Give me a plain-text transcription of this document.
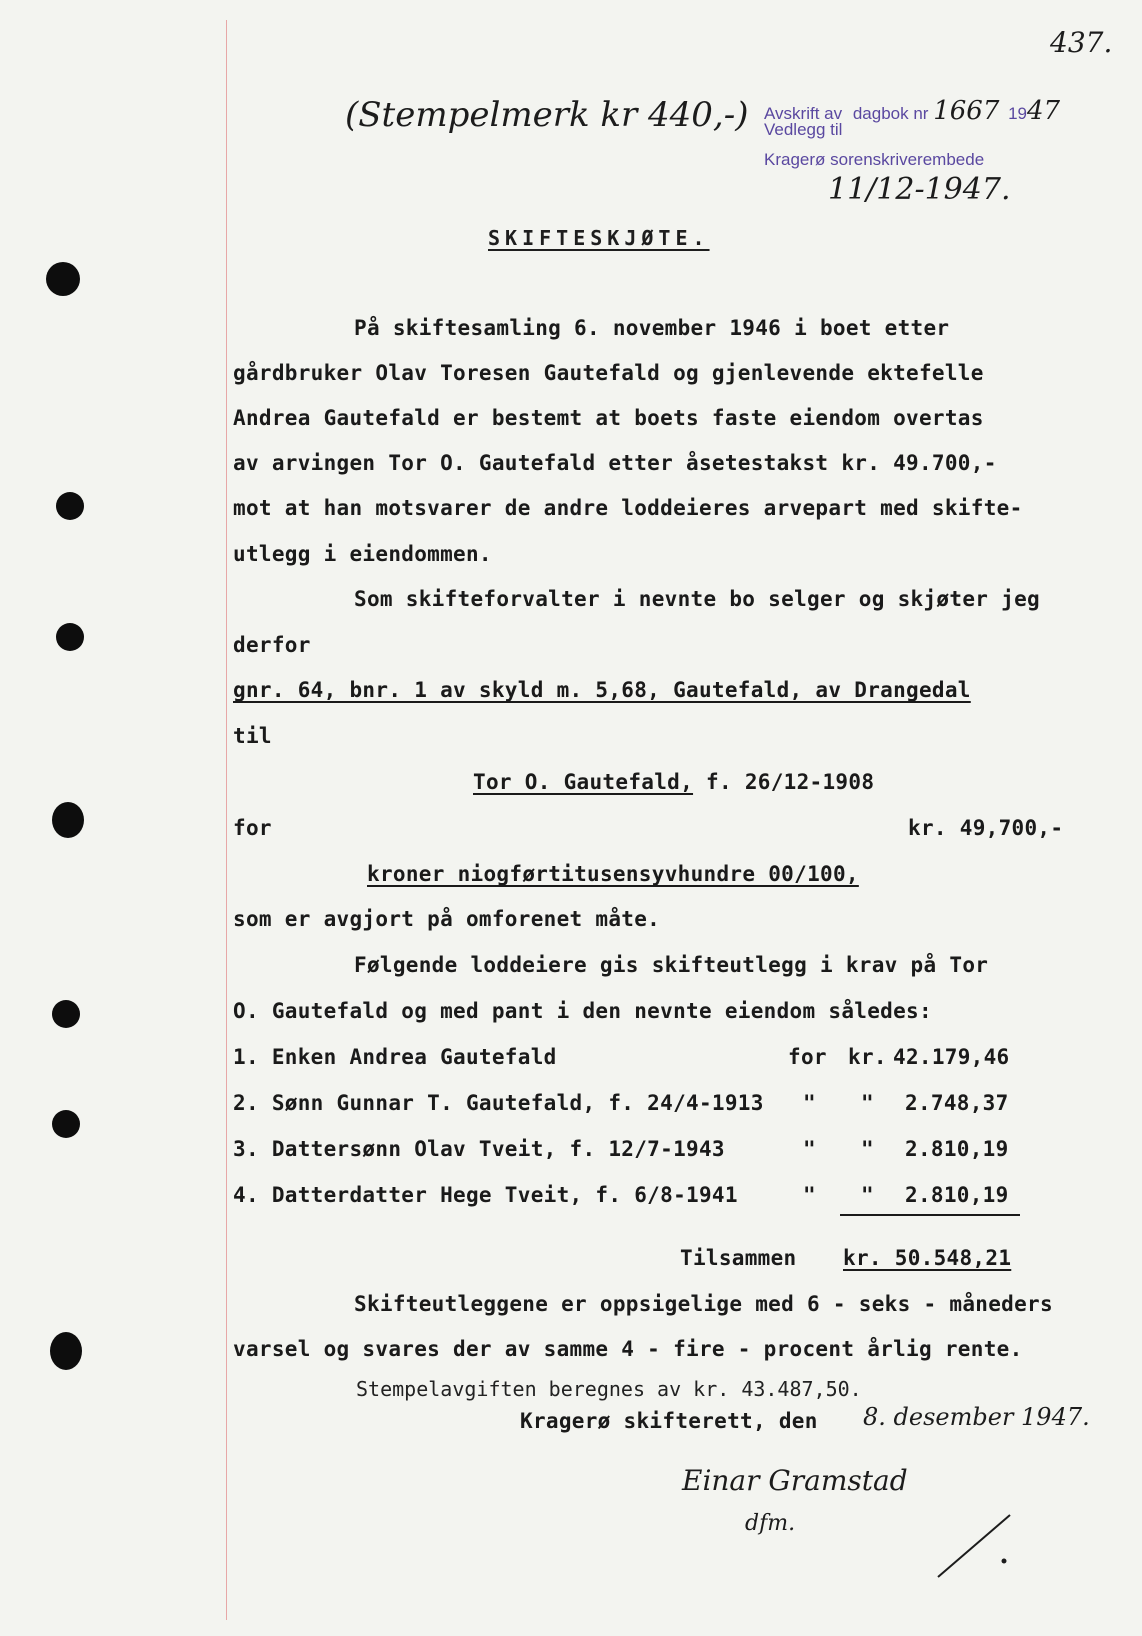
437.
(Stempelmerk kr 440,-) Avskrift av dagbok nr 1667 1947
Vedlegg til
Kragerø sorenskriverembede
11/12-1947.
SKIFTESKJØTE.
På skiftesamling 6. november 1946 i boet etter
gårdbruker Olav Toresen Gautefald og gjenlevende ektefelle
Andrea Gautefald er bestemt at boets faste eiendom overtas
av arvingen Tor O. Gautefald etter åsetestakst kr. 49.700,-
mot at han motsvarer de andre loddeieres arvepart med skifte-
utlegg i eiendommen.
Som skifteforvalter i nevnte bo selger og skjøter jeg
derfor
gnr. 64, bnr. 1 av skyld m. 5,68, Gautefald, av Drangedal
til
Tor O. Gautefald, f. 26/12-1908
for	kr. 49,700,-
kroner niogførtitusensyvhundre 00/100,
som er avgjort på omforenet måte.
Følgende loddeiere gis skifteutlegg i krav på Tor
O. Gautefald og med pant i den nevnte eiendom således:
1. Enken Andrea Gautefald	for kr. 42.179,46
2. Sønn Gunnar T. Gautefald, f. 24/4-1913 " " 2.748,37
3. Dattersønn Olav Tveit, f. 12/7-1943	" " 2.810,19
4. Datterdatter Hege Tveit, f. 6/8-1941	" " 2.810,19
Tilsammen kr. 50.548,21
Skifteutleggene er oppsigelige med 6 - seks - måneders
varsel og svares der av samme 4 - fire - procent årlig rente.
Stempelavgiften beregnes av kr. 43.487,50.
Kragerø skifterett, den 8. desember 1947.
Einar Gramstad
dfm.
